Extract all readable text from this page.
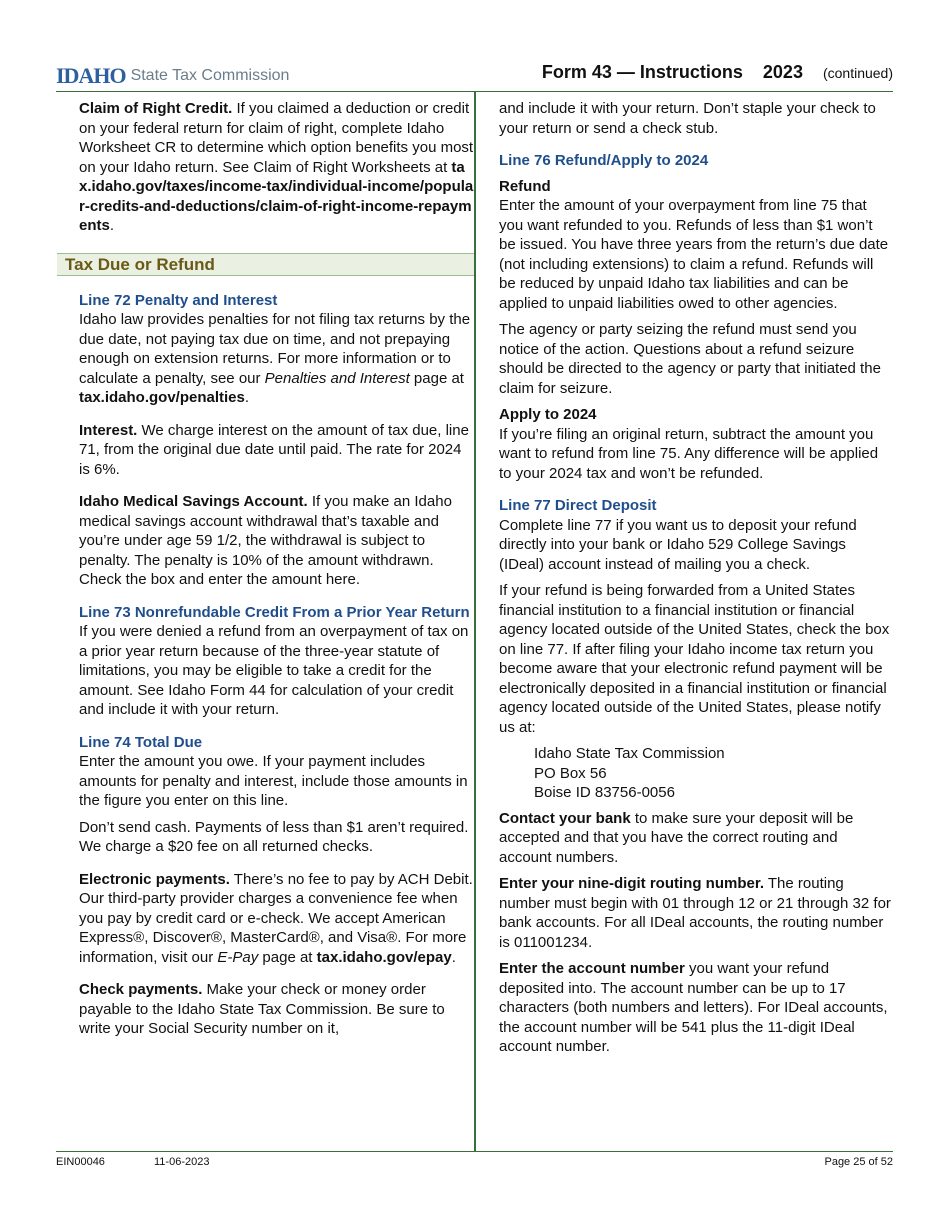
IDAHO State Tax Commission	Form 43 — Instructions 2023 (continued)

Claim of Right Credit. If you claimed a deduction or credit on your federal return for claim of right, complete Idaho Worksheet CR to determine which option benefits you most on your Idaho return. See Claim of Right Worksheets at tax.idaho.gov/taxes/income-tax/individual-income/popular-credits-and-deductions/claim-of-right-income-repayments.

Line 72 Penalty and Interest

Idaho law provides penalties for not filing tax returns by the due date, not paying tax due on time, and not prepaying enough on extension returns. For more information or to calculate a penalty, see our Penalties and Interest page at tax.idaho.gov/penalties.

Interest. We charge interest on the amount of tax due, line 71, from the original due date until paid. The rate for 2024 is 6%.

Idaho Medical Savings Account. If you make an Idaho medical savings account withdrawal that’s taxable and you’re under age 59 1/2, the withdrawal is subject to penalty. The penalty is 10% of the amount withdrawn. Check the box and enter the amount here.

Line 73 Nonrefundable Credit From a Prior Year Return

If you were denied a refund from an overpayment of tax on a prior year return because of the three-year statute of limitations, you may be eligible to take a credit for the amount. See Idaho Form 44 for calculation of your credit and include it with your return.

Line 74 Total Due

Enter the amount you owe. If your payment includes amounts for penalty and interest, include those amounts in the figure you enter on this line.

Don’t send cash. Payments of less than $1 aren’t required. We charge a $20 fee on all returned checks.

Electronic payments. There’s no fee to pay by ACH Debit. Our third-party provider charges a convenience fee when you pay by credit card or e-check. We accept American Express®, Discover®, MasterCard®, and Visa®. For more information, visit our E-Pay page at tax.idaho.gov/epay.

Check payments. Make your check or money order payable to the Idaho State Tax Commission. Be sure to write your Social Security number on it,

Tax Due or Refund

and include it with your return. Don’t staple your check to your return or send a check stub.

Line 76 Refund/Apply to 2024
Refund

Enter the amount of your overpayment from line 75 that you want refunded to you. Refunds of less than $1 won’t be issued. You have three years from the return’s due date (not including extensions) to claim a refund. Refunds will be reduced by unpaid Idaho tax liabilities and can be applied to unpaid liabilities owed to other agencies.

The agency or party seizing the refund must send you notice of the action. Questions about a refund seizure should be directed to the agency or party that initiated the claim for seizure.

Apply to 2024

If you’re filing an original return, subtract the amount you want to refund from line 75. Any difference will be applied to your 2024 tax and won’t be refunded.

Line 77 Direct Deposit

Complete line 77 if you want us to deposit your refund directly into your bank or Idaho 529 College Savings (IDeal) account instead of mailing you a check.

If your refund is being forwarded from a United States financial institution to a financial institution or financial agency located outside of the United States, check the box on line 77. If after filing your Idaho income tax return you become aware that your electronic refund payment will be electronically deposited in a financial institution or financial agency located outside of the United States, please notify us at:

Idaho State Tax Commission
PO Box 56
Boise ID 83756-0056

Contact your bank to make sure your deposit will be accepted and that you have the correct routing and account numbers.

Enter your nine-digit routing number. The routing number must begin with 01 through 12 or 21 through 32 for bank accounts. For all IDeal accounts, the routing number is 011001234.

Enter the account number you want your refund deposited into. The account number can be up to 17 characters (both numbers and letters). For IDeal accounts, the account number will be 541 plus the 11-digit IDeal account number.

EIN00046	11-06-2023	Page 25 of 52
